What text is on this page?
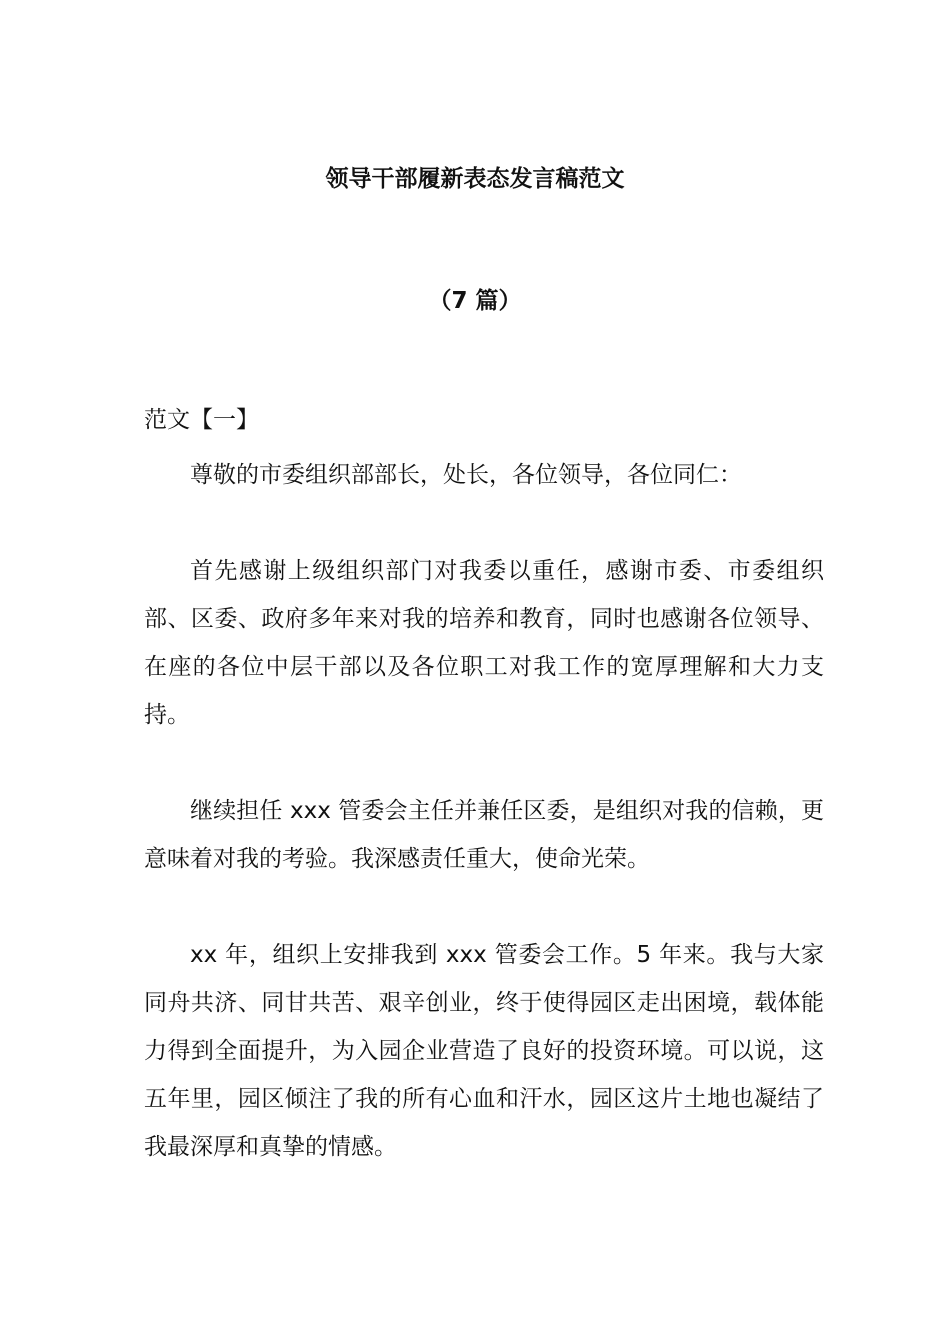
领导干部履新表态发言稿范文
（7 篇）

范文【一】

尊敬的市委组织部部长，处长，各位领导，各位同仁：

首先感谢上级组织部门对我委以重任，感谢市委、市委组织部、区委、政府多年来对我的培养和教育，同时也感谢各位领导、在座的各位中层干部以及各位职工对我工作的宽厚理解和大力支持。

继续担任 xxx 管委会主任并兼任区委，是组织对我的信赖，更意味着对我的考验。我深感责任重大，使命光荣。

xx 年，组织上安排我到 xxx 管委会工作。5 年来。我与大家同舟共济、同甘共苦、艰辛创业，终于使得园区走出困境，载体能力得到全面提升，为入园企业营造了良好的投资环境。可以说，这五年里，园区倾注了我的所有心血和汗水，园区这片土地也凝结了我最深厚和真挚的情感。
